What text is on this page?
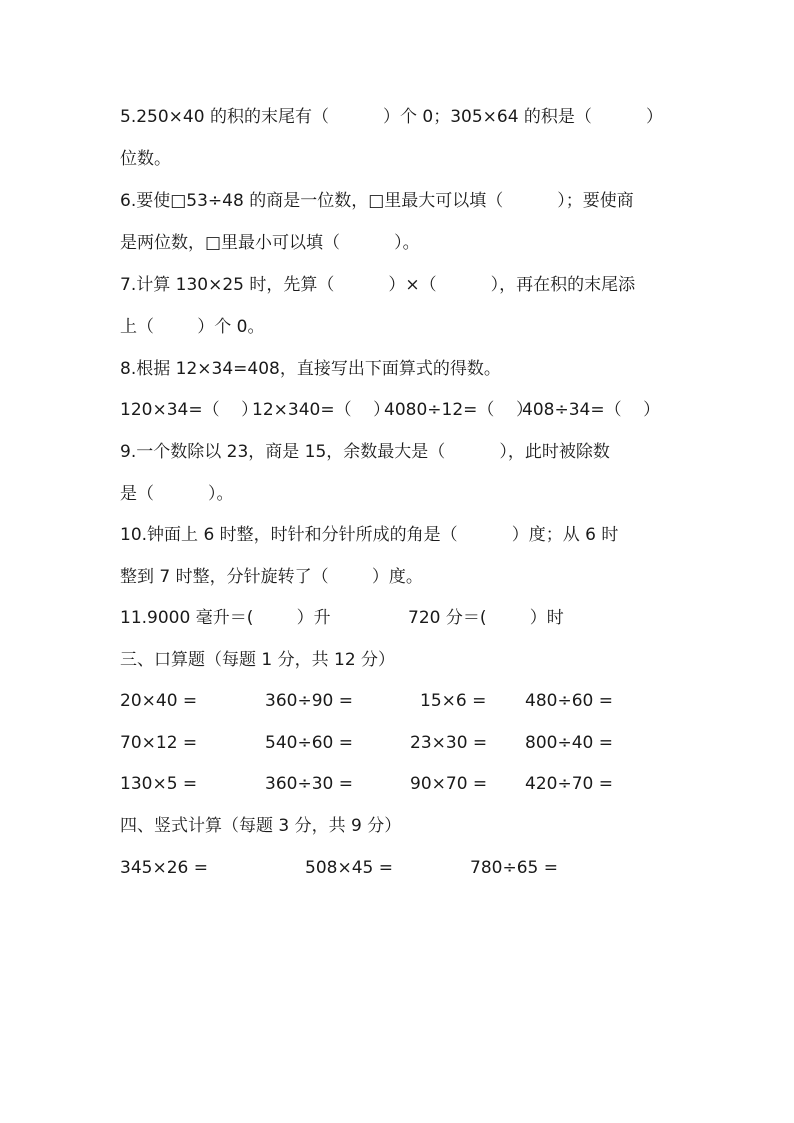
5.250×40 的积的末尾有（          ）个 0；305×64 的积是（          ）
位数。
6.要使□53÷48 的商是一位数，□里最大可以填（          ）；要使商
是两位数，□里最小可以填（          ）。
7.计算 130×25 时，先算（          ）×（          ），再在积的末尾添
上（        ）个 0。
8.根据 12×34=408，直接写出下面算式的得数。
120×34=（    ）
12×340=（    ）
4080÷12=（    ）
408÷34=（    ）
9.一个数除以 23，商是 15，余数最大是（          ），此时被除数
是（          ）。
10.钟面上 6 时整，时针和分针所成的角是（          ）度；从 6 时
整到 7 时整，分针旋转了（        ）度。
11.9000 毫升＝(        ）升	720 分＝(        ）时
三、口算题（每题 1 分，共 12 分）
20×40 =	360÷90 =	15×6 = 480÷60 =
70×12 =	540÷60 =	23×30 = 800÷40 =
130×5 =	360÷30 =	90×70 = 420÷70 =
四、竖式计算（每题 3 分，共 9 分）
345×26 =	508×45 =	780÷65 =
